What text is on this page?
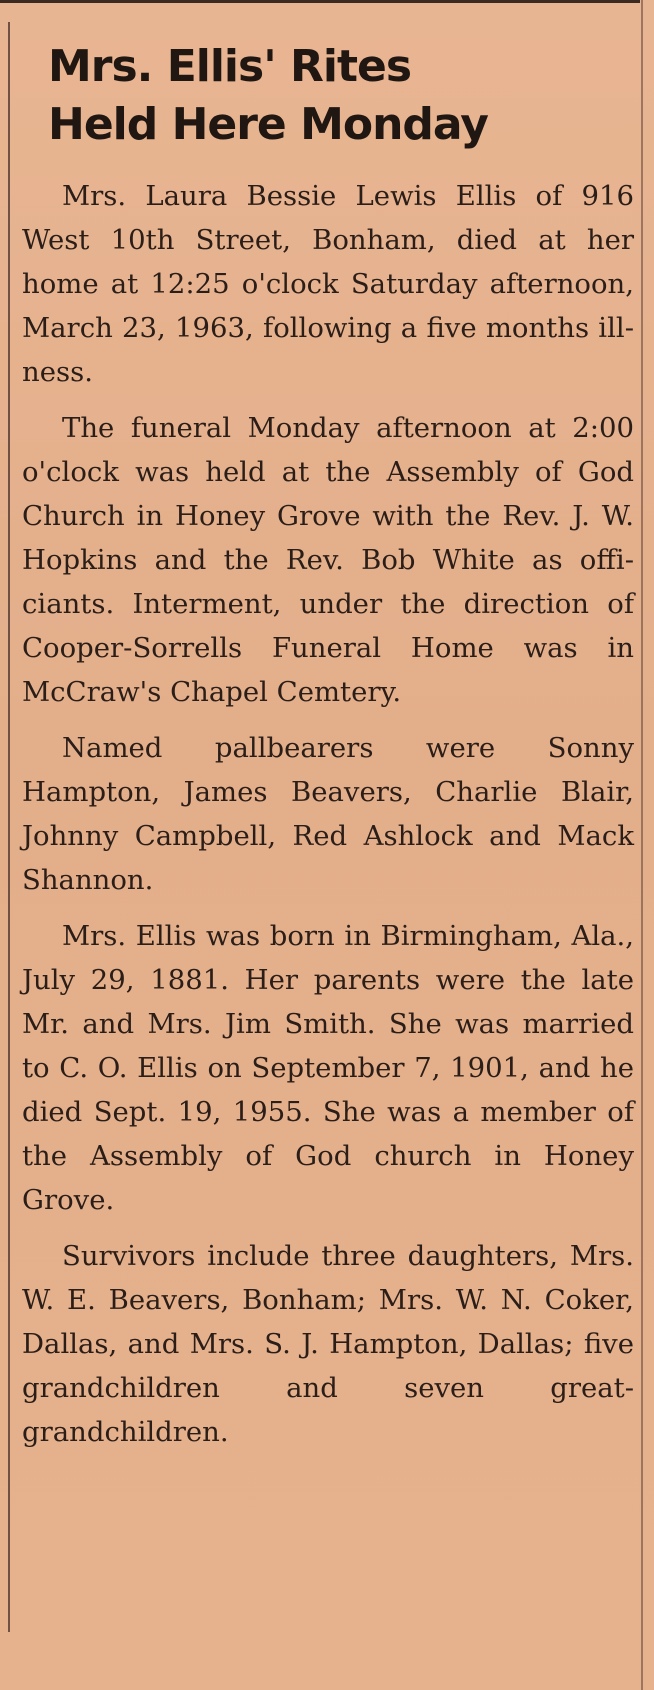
Mrs. Ellis' Rites
Held Here Monday

Mrs. Laura Bessie Lewis Ellis of 916 West 10th Street, Bonham, died at her home at 12:25 o'clock Saturday afternoon, March 23, 1963, following a five months illness.

The funeral Monday afternoon at 2:00 o'clock was held at the Assembly of God Church in Honey Grove with the Rev. J. W. Hopkins and the Rev. Bob White as officiants. Interment, under the direction of Cooper-Sorrells Funeral Home was in McCraw's Chapel Cemtery.

Named pallbearers were Sonny Hampton, James Beavers, Charlie Blair, Johnny Campbell, Red Ashlock and Mack Shannon.

Mrs. Ellis was born in Birmingham, Ala., July 29, 1881. Her parents were the late Mr. and Mrs. Jim Smith. She was married to C. O. Ellis on September 7, 1901, and he died Sept. 19, 1955. She was a member of the Assembly of God church in Honey Grove.

Survivors include three daughters, Mrs. W. E. Beavers, Bonham; Mrs. W. N. Coker, Dallas, and Mrs. S. J. Hampton, Dallas; five grandchildren and seven great-grandchildren.
